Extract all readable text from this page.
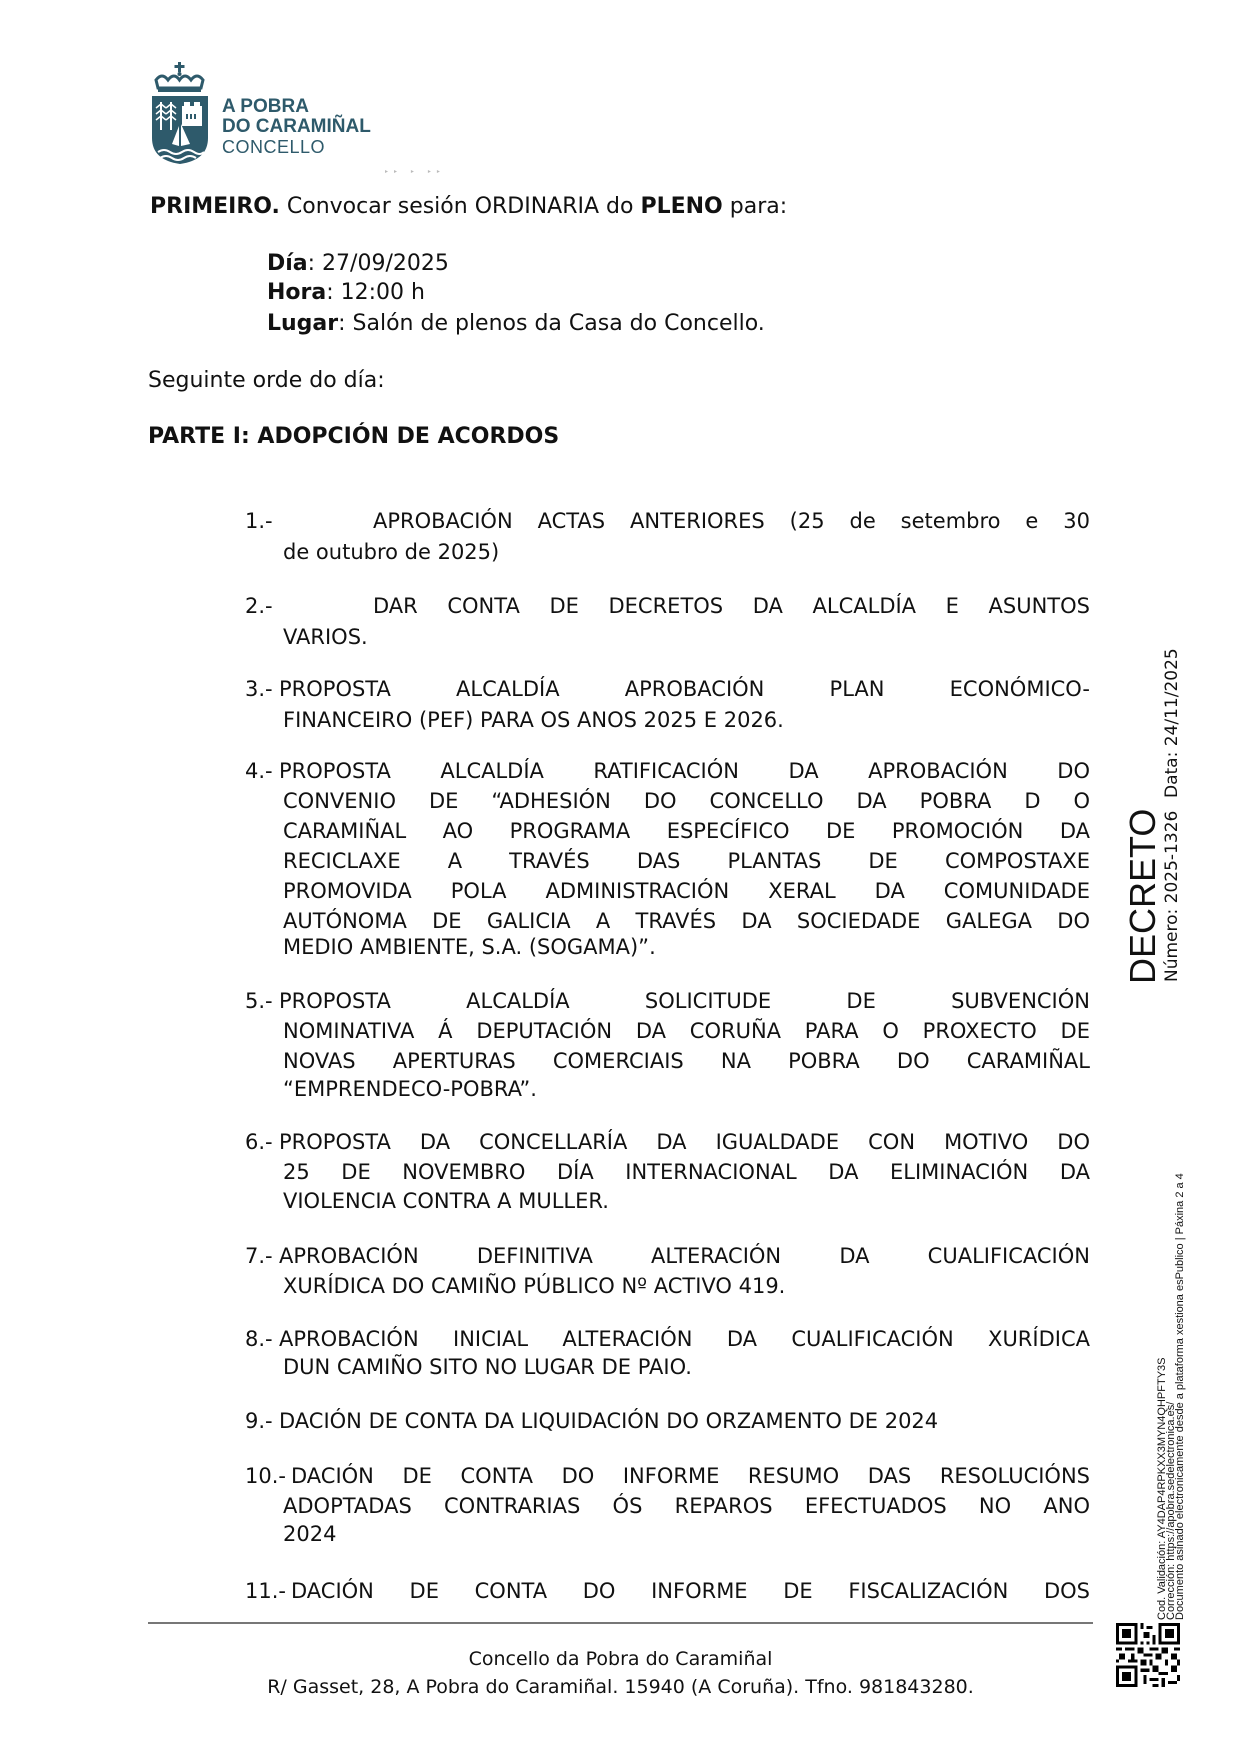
A POBRA
DO CARAMIÑAL
CONCELLO
▸▸ ▸ ▸▸
PRIMEIRO. Convocar sesión ORDINARIA do PLENO para:
Día: 27/09/2025
Hora: 12:00 h
Lugar: Salón de plenos da Casa do Concello.
Seguinte orde do día:
PARTE I: ADOPCIÓN DE ACORDOS
1.-	APROBACIÓN ACTAS ANTERIORES (25 de setembro e 30
de outubro de 2025)
2.-	DAR CONTA DE DECRETOS DA ALCALDÍA E ASUNTOS
VARIOS.
3.- PROPOSTA ALCALDÍA APROBACIÓN PLAN ECONÓMICO-
FINANCEIRO (PEF) PARA OS ANOS 2025 E 2026.
4.- PROPOSTA ALCALDÍA RATIFICACIÓN DA APROBACIÓN DO
CONVENIO DE “ADHESIÓN DO CONCELLO DA POBRA D O
CARAMIÑAL AO PROGRAMA ESPECÍFICO DE PROMOCIÓN DA
RECICLAXE A TRAVÉS DAS PLANTAS DE COMPOSTAXE
PROMOVIDA POLA ADMINISTRACIÓN XERAL DA COMUNIDADE
AUTÓNOMA DE GALICIA A TRAVÉS DA SOCIEDADE GALEGA DO
MEDIO AMBIENTE, S.A. (SOGAMA)”.
5.- PROPOSTA ALCALDÍA SOLICITUDE DE SUBVENCIÓN
NOMINATIVA Á DEPUTACIÓN DA CORUÑA PARA O PROXECTO DE
NOVAS APERTURAS COMERCIAIS NA POBRA DO CARAMIÑAL
“EMPRENDECO-POBRA”.
6.- PROPOSTA DA CONCELLARÍA DA IGUALDADE CON MOTIVO DO
25 DE NOVEMBRO DÍA INTERNACIONAL DA ELIMINACIÓN DA
VIOLENCIA CONTRA A MULLER.
7.- APROBACIÓN DEFINITIVA ALTERACIÓN DA CUALIFICACIÓN
XURÍDICA DO CAMIÑO PÚBLICO Nº ACTIVO 419.
8.- APROBACIÓN INICIAL ALTERACIÓN DA CUALIFICACIÓN XURÍDICA
DUN CAMIÑO SITO NO LUGAR DE PAIO.
9.- DACIÓN DE CONTA DA LIQUIDACIÓN DO ORZAMENTO DE 2024
10.- DACIÓN DE CONTA DO INFORME RESUMO DAS RESOLUCIÓNS
ADOPTADAS CONTRARIAS ÓS REPAROS EFECTUADOS NO ANO
2024
11.- DACIÓN DE CONTA DO INFORME DE FISCALIZACIÓN DOS
Concello da Pobra do Caramiñal
R/ Gasset, 28, A Pobra do Caramiñal. 15940 (A Coruña). Tfno. 981843280.
DECRETO Número: 2025-1326
Data: 24/11/2025
Cod. Validación: AY4DAP4RPKXX3MYN4QHPFTY3S
Corrección: https://apobra.sedelectronica.es/
Documento asinado electronicamente desde a plataforma xestiona esPublico | Páxina 2 a 4
